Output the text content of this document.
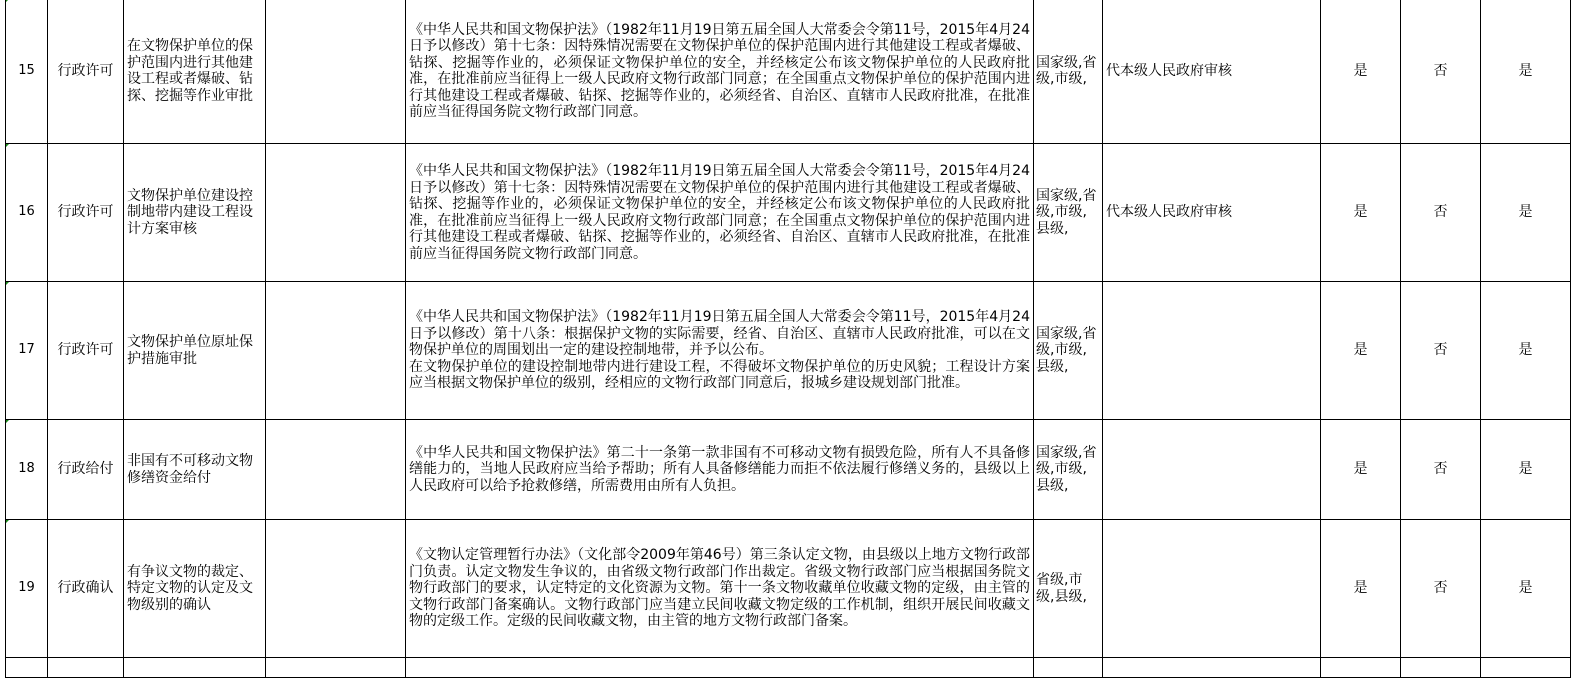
15	行政许可	在文物保护单位的保护范围内进行其他建设工程或者爆破、钻探、挖掘等作业审批		《中华人民共和国文物保护法》（1982年11月19日第五届全国人大常委会令第11号，2015年4月24日予以修改）第十七条：因特殊情况需要在文物保护单位的保护范围内进行其他建设工程或者爆破、钻探、挖掘等作业的，必须保证文物保护单位的安全，并经核定公布该文物保护单位的人民政府批准，在批准前应当征得上一级人民政府文物行政部门同意；在全国重点文物保护单位的保护范围内进行其他建设工程或者爆破、钻探、挖掘等作业的，必须经省、自治区、直辖市人民政府批准，在批准前应当征得国务院文物行政部门同意。	国家级,省级,市级,	代本级人民政府审核	是	否	是

16	行政许可	文物保护单位建设控制地带内建设工程设计方案审核		《中华人民共和国文物保护法》（1982年11月19日第五届全国人大常委会令第11号，2015年4月24日予以修改）第十七条：因特殊情况需要在文物保护单位的保护范围内进行其他建设工程或者爆破、钻探、挖掘等作业的，必须保证文物保护单位的安全，并经核定公布该文物保护单位的人民政府批准，在批准前应当征得上一级人民政府文物行政部门同意；在全国重点文物保护单位的保护范围内进行其他建设工程或者爆破、钻探、挖掘等作业的，必须经省、自治区、直辖市人民政府批准，在批准前应当征得国务院文物行政部门同意。	国家级,省级,市级,县级,	代本级人民政府审核	是	否	是

17	行政许可	文物保护单位原址保护措施审批		《中华人民共和国文物保护法》（1982年11月19日第五届全国人大常委会令第11号，2015年4月24日予以修改）第十八条：根据保护文物的实际需要，经省、自治区、直辖市人民政府批准，可以在文物保护单位的周围划出一定的建设控制地带，并予以公布。
在文物保护单位的建设控制地带内进行建设工程，不得破坏文物保护单位的历史风貌；工程设计方案应当根据文物保护单位的级别，经相应的文物行政部门同意后，报城乡建设规划部门批准。	国家级,省级,市级,县级,		是	否	是

18	行政给付	非国有不可移动文物修缮资金给付		《中华人民共和国文物保护法》第二十一条第一款非国有不可移动文物有损毁危险，所有人不具备修缮能力的，当地人民政府应当给予帮助；所有人具备修缮能力而拒不依法履行修缮义务的，县级以上人民政府可以给予抢救修缮，所需费用由所有人负担。	国家级,省级,市级,县级,		是	否	是

19	行政确认	有争议文物的裁定、特定文物的认定及文物级别的确认		《文物认定管理暂行办法》（文化部令2009年第46号）第三条认定文物，由县级以上地方文物行政部门负责。认定文物发生争议的，由省级文物行政部门作出裁定。省级文物行政部门应当根据国务院文物行政部门的要求，认定特定的文化资源为文物。第十一条文物收藏单位收藏文物的定级，由主管的文物行政部门备案确认。文物行政部门应当建立民间收藏文物定级的工作机制，组织开展民间收藏文物的定级工作。定级的民间收藏文物，由主管的地方文物行政部门备案。	省级,市级,县级,		是	否	是
